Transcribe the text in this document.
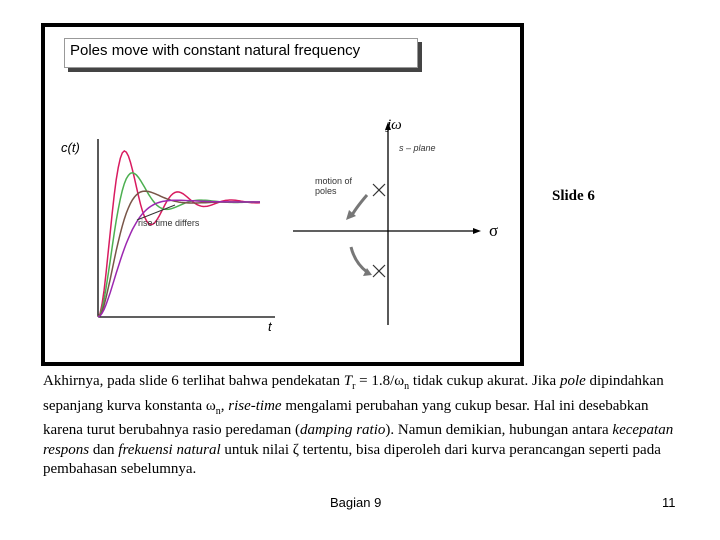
c(t)
t
rise-time differs
jω
s – plane
σ
motion of
poles
Poles move with constant natural frequency
Slide 6
Akhirnya, pada slide 6 terlihat bahwa pendekatan $T_r = 1.8/\omega_n$ tidak cukup akurat. Jika pole dipindahkan sepanjang kurva konstanta $\omega_n$, rise-time mengalami perubahan yang cukup besar. Hal ini desebabkan karena turut berubahnya rasio peredaman (damping ratio). Namun demikian, hubungan antara kecepatan respons dan frekuensi natural untuk nilai ζ tertentu, bisa diperoleh dari kurva perancangan seperti pada pembahasan sebelumnya.
Bagian 9	11
